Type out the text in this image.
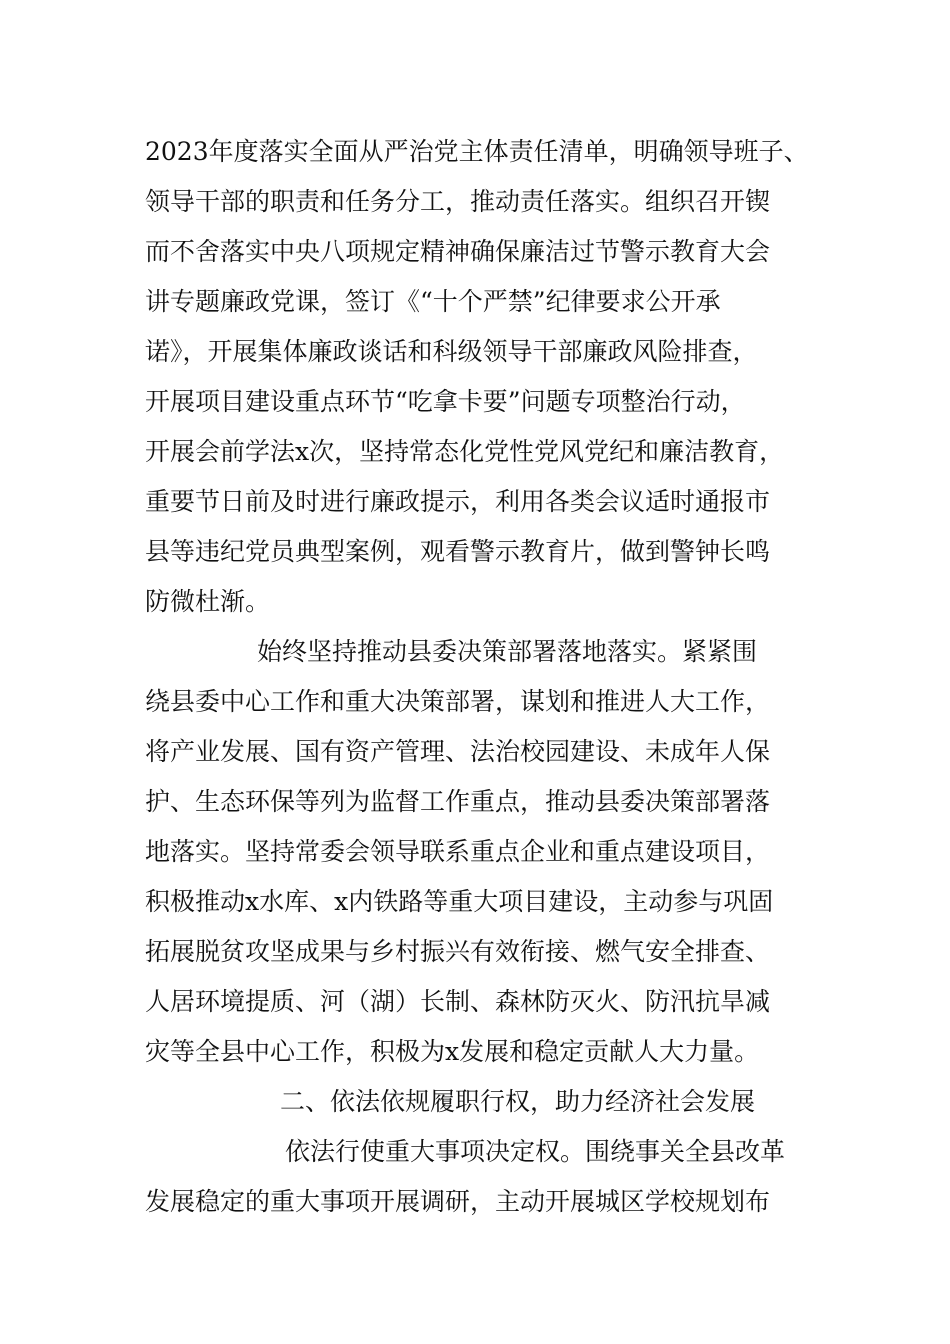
2023年度落实全面从严治党主体责任清单，明确领导班子、
领导干部的职责和任务分工，推动责任落实。组织召开锲
而不舍落实中央八项规定精神确保廉洁过节警示教育大会
讲专题廉政党课，签订《“十个严禁”纪律要求公开承
诺》，开展集体廉政谈话和科级领导干部廉政风险排查，
开展项目建设重点环节“吃拿卡要”问题专项整治行动，
开展会前学法x次，坚持常态化党性党风党纪和廉洁教育，
重要节日前及时进行廉政提示，利用各类会议适时通报市
县等违纪党员典型案例，观看警示教育片，做到警钟长鸣
防微杜渐。
始终坚持推动县委决策部署落地落实。紧紧围
绕县委中心工作和重大决策部署，谋划和推进人大工作，
将产业发展、国有资产管理、法治校园建设、未成年人保
护、生态环保等列为监督工作重点，推动县委决策部署落
地落实。坚持常委会领导联系重点企业和重点建设项目，
积极推动x水库、x内铁路等重大项目建设，主动参与巩固
拓展脱贫攻坚成果与乡村振兴有效衔接、燃气安全排查、
人居环境提质、河（湖）长制、森林防灭火、防汛抗旱减
灾等全县中心工作，积极为x发展和稳定贡献人大力量。
二、依法依规履职行权，助力经济社会发展
依法行使重大事项决定权。围绕事关全县改革
发展稳定的重大事项开展调研，主动开展城区学校规划布
